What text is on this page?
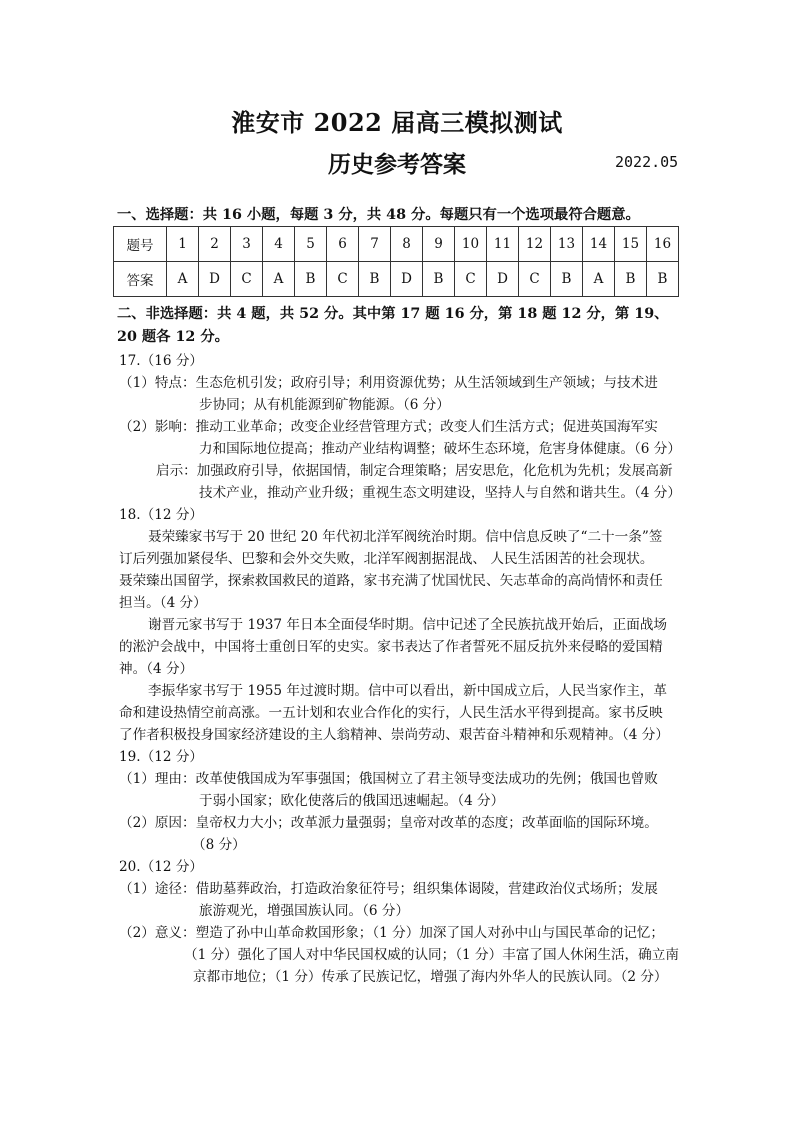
淮安市 2022 届高三模拟测试
历史参考答案	2022.05
一、选择题：共 16 小题，每题 3 分，共 48 分。每题只有一个选项最符合题意。
题号	1	2	3	4	5	6	7	8	9	10	11	12	13	14	15	16
答案	A	D	C	A	B	C	B	D	B	C	D	C	B	A	B	B
二、非选择题：共 4 题，共 52 分。其中第 17 题 16 分，第 18 题 12 分，第 19、
20 题各 12 分。
17.（16 分）
（1）特点：生态危机引发；政府引导；利用资源优势；从生活领域到生产领域；与技术进
步协同；从有机能源到矿物能源。（6 分）
（2）影响：推动工业革命；改变企业经营管理方式；改变人们生活方式；促进英国海军实
力和国际地位提高；推动产业结构调整；破坏生态环境，危害身体健康。（6 分）
启示：加强政府引导，依据国情，制定合理策略；居安思危，化危机为先机；发展高新
技术产业，推动产业升级；重视生态文明建设，坚持人与自然和谐共生。（4 分）
18.（12 分）
聂荣臻家书写于 20 世纪 20 年代初北洋军阀统治时期。信中信息反映了“二十一条”签
订后列强加紧侵华、巴黎和会外交失败，北洋军阀割据混战、 人民生活困苦的社会现状。
聂荣臻出国留学，探索救国救民的道路，家书充满了忧国忧民、矢志革命的高尚情怀和责任
担当。（4 分）
谢晋元家书写于 1937 年日本全面侵华时期。信中记述了全民族抗战开始后，正面战场
的淞沪会战中，中国将士重创日军的史实。家书表达了作者誓死不屈反抗外来侵略的爱国精
神。（4 分）
李振华家书写于 1955 年过渡时期。信中可以看出，新中国成立后，人民当家作主，革
命和建设热情空前高涨。一五计划和农业合作化的实行，人民生活水平得到提高。家书反映
了作者积极投身国家经济建设的主人翁精神、崇尚劳动、艰苦奋斗精神和乐观精神。（4 分）
19.（12 分）
（1）理由：改革使俄国成为军事强国；俄国树立了君主领导变法成功的先例；俄国也曾败
于弱小国家；欧化使落后的俄国迅速崛起。（4 分）
（2）原因：皇帝权力大小；改革派力量强弱；皇帝对改革的态度；改革面临的国际环境。
（8 分）
20.（12 分）
（1）途径：借助墓葬政治，打造政治象征符号；组织集体谒陵，营建政治仪式场所；发展
旅游观光，增强国族认同。（6 分）
（2）意义：塑造了孙中山革命救国形象；（1 分）加深了国人对孙中山与国民革命的记忆；
（1 分）强化了国人对中华民国权威的认同；（1 分）丰富了国人休闲生活，确立南
京都市地位；（1 分）传承了民族记忆，增强了海内外华人的民族认同。（2 分）
